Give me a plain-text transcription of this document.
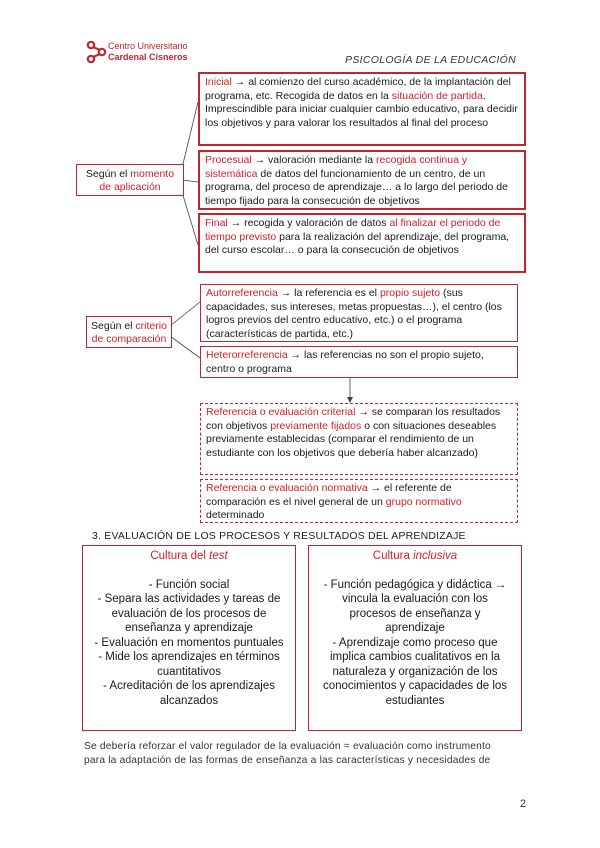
Centro Universitario
Cardenal Cisneros	PSICOLOGÍA DE LA EDUCACIÓN
Según el momento de aplicación
Inicial → al comienzo del curso académico, de la implantación del programa, etc. Recogida de datos en la situación de partida. Imprescindible para iniciar cualquier cambio educativo, para decidir los objetivos y para valorar los resultados al final del proceso
Procesual → valoración mediante la recogida continua y sistemática de datos del funcionamiento de un centro, de un programa, del proceso de aprendizaje… a lo largo del periodo de tiempo fijado para la consecución de objetivos
Final → recogida y valoración de datos al finalizar el periodo de tiempo previsto para la realización del aprendizaje, del programa, del curso escolar… o para la consecución de objetivos
Según el criterio de comparación
Autorreferencia → la referencia es el propio sujeto (sus capacidades, sus intereses, metas propuestas…), el centro (los logros previos del centro educativo, etc.) o el programa (características de partida, etc.)
Heterorreferencia → las referencias no son el propio sujeto, centro o programa
Referencia o evaluación criterial → se comparan los resultados con objetivos previamente fijados o con situaciones deseables previamente establecidas (comparar el rendimiento de un estudiante con los objetivos que debería haber alcanzado)
Referencia o evaluación normativa → el referente de comparación es el nivel general de un grupo normativo determinado
3. EVALUACIÓN DE LOS PROCESOS Y RESULTADOS DEL APRENDIZAJE
Cultura del test
- Función social
- Separa las actividades y tareas de evaluación de los procesos de enseñanza y aprendizaje
- Evaluación en momentos puntuales
- Mide los aprendizajes en términos cuantitativos
- Acreditación de los aprendizajes alcanzados
Cultura inclusiva
- Función pedagógica y didáctica → vincula la evaluación con los procesos de enseñanza y aprendizaje
- Aprendizaje como proceso que implica cambios cualitativos en la naturaleza y organización de los conocimientos y capacidades de los estudiantes
Se debería reforzar el valor regulador de la evaluación = evaluación como instrumento
para la adaptación de las formas de enseñanza a las características y necesidades de
2
